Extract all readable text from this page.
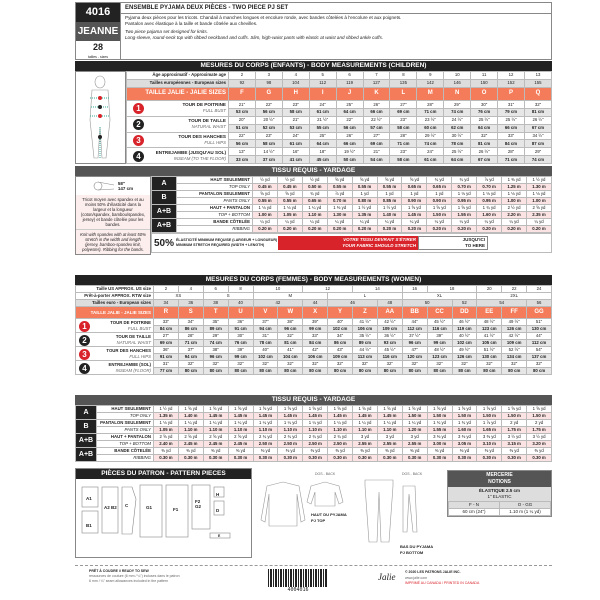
4016
JEANNE
28
tailles - sizes
ENSEMBLE PYJAMA DEUX PIÈCES - TWO PIECE PJ SET
Pyjama deux pièces pour les tricots. Chandail à manches longues et encolure ronde, avec bandes côtelées à l'encolure et aux poignets.
Pantalon avec élastique à la taille et bande côtelée aux chevilles.
Two piece pajama set designed for knits.
Long-sleeve, round-neck top with ribbed neckband and cuffs. Slim, high-waist pants with elastic at waist and ribbed ankle cuffs.
MESURES DU CORPS (ENFANTS) - BODY MEASUREMENTS (CHILDREN)
Âge approximatif - Approximate age	2	3	4	5	6	7	8	9	10	11	12	13
Tailles européennes - European sizes	92	98	104	112	119	127	135	142	146	150	152	155
TAILLE JALIE - JALIE SIZES	F	G	H	I	J	K	L	M	N	O	P	Q

1 TOUR DE POITRINE
FULL BUST	21"	22"	23"	24"	25"	26"	27"	28"	29"	30"	31"	32"
	53 cm	56 cm	58 cm	61 cm	64 cm	66 cm	69 cm	71 cm	74 cm	76 cm	79 cm	81 cm

2 TOUR DE TAILLE
NATURAL WAIST	20"	20 ½"	21"	21 ½"	22"	22 ½"	23"	23 ½"	24 ½"	25 ½"	25 ½"	26 ½"
	51 cm	52 cm	53 cm	55 cm	56 cm	57 cm	58 cm	60 cm	62 cm	64 cm	66 cm	67 cm

3 TOUR DES HANCHES
FULL HIPS	22"	23"	24"	25"	26"	27"	28"	29 ½"	30 ½"	32"	33"	34 ½"
	56 cm	58 cm	61 cm	64 cm	66 cm	69 cm	71 cm	74 cm	78 cm	81 cm	84 cm	87 cm

4 ENTREJAMBE (JUSQU'AU SOL)
INSEAM (TO THE FLOOR)	13"	14 ½"	16"	18"	19 ½"	21"	23"	24"	25 ½"	26 ½"	28"	29"
	33 cm	37 cm	41 cm	45 cm	50 cm	54 cm	58 cm	61 cm	64 cm	67 cm	71 cm	74 cm
TISSU REQUIS - YARDAGE
58"
147 cm
Tricot moyen avec spandex et au moins 50% d'élasticité dans la largeur et la longueur (coton/spandex, bambou/spandex, jersey) et bande côtelée pour les bandes.
Knit with spandex with at least 50% stretch in the width and length (jersey, bamboo-spandex knit, polyester). Ribbing for the bands.
A	HAUT SEULEMENT	½ yd	½ yd	½ yd	⅝ yd	⅝ yd	⅝ yd	⅝ yd	¾ yd	¾ yd	⅞ yd	1 ⅜ yd	1 ½ yd
	TOP ONLY	0.45 m	0.45 m	0.50 m	0.55 m	0.55 m	0.55 m	0.65 m	0.65 m	0.70 m	0.70 m	1.25 m	1.30 m
B	PANTALON SEULEMENT	⅝ yd	⅝ yd	¾ yd	⅞ yd	1 yd	1 yd	1 yd	1 yd	1 ⅛ yd	1 ⅛ yd	1 ⅛ yd	1 ⅛ yd
	PANTS ONLY	0.55 m	0.55 m	0.65 m	0.70 m	0.80 m	0.85 m	0.90 m	0.90 m	0.95 m	0.95 m	1.00 m	1.00 m
A+B	HAUT + PANTALON	1 ⅛ yd	1 ⅛ yd	1 ¼ yd	1 ⅜ yd	1 ½ yd	1 ½ yd	1 ⅝ yd	1 ⅝ yd	1 ⅝ yd	1 ¾ yd	2 ½ yd	2 ⅝ yd
	TOP + BOTTOM	1.00 m	1.05 m	1.10 m	1.30 m	1.35 m	1.40 m	1.45 m	1.50 m	1.55 m	1.60 m	2.20 m	2.35 m
A+B	BANDE CÔTELÉE	¼ yd	¼ yd	¼ yd	¼ yd	¼ yd	¼ yd	¼ yd	¼ yd	¼ yd	¼ yd	¼ yd	¼ yd
	RIBBING	0.20 m	0.20 m	0.20 m	0.20 m	0.20 m	0.20 m	0.20 m	0.20 m	0.20 m	0.20 m	0.20 m	0.20 m
50% ÉLASTICITÉ MINIMUM REQUISE (LARGEUR + LONGUEUR)
MINIMUM STRETCH REQUIRED (WIDTH + LENGTH)
VOTRE TISSU DEVRAIT S'ÉTIRER
YOUR FABRIC SHOULD STRETCH
JUSQU'ICI
TO HERE
MESURES DU CORPS (FEMMES) - BODY MEASUREMENTS (WOMEN)
Taille US APPROX. US size	2	4	6	8	10		12		14		16	18		20	22	24
Prêt-à-porter APPROX. RTW size	XS		S		M			L			XL			2XL		
Tailles euro - European sizes	34	36	38	40	42		44	46		48	50		52	54		56
TAILLE JALIE - JALIE SIZES	R	S	T	U	V	W	X	Y	Z	AA	BB	CC	DD	EE	FF	GG

1 TOUR DE POITRINE
FULL BUST	33"	34"	35"	36"	37"	38"	39"	40"	41 ½"	42 ½"	44"	45 ½"	46 ½"	48 ½"	49 ½"	51"
	84 cm	86 cm	89 cm	91 cm	94 cm	96 cm	99 cm	102 cm	106 cm	109 cm	112 cm	116 cm	119 cm	123 cm	126 cm	130 cm

2 TOUR DE TAILLE
NATURAL WAIST	27"	28"	29"	30"	31"	32"	33"	34"	35 ½"	36 ½"	37 ½"	39"	40 ½"	41 ½"	42 ½"	44"
	69 cm	71 cm	74 cm	76 cm	78 cm	81 cm	84 cm	86 cm	89 cm	93 cm	96 cm	99 cm	102 cm	105 cm	109 cm	112 cm

3 TOUR DES HANCHES
FULL HIPS	36"	37"	38"	39"	40"	41"	42"	43"	44 ½"	45 ½"	47"	48 ½"	49 ½"	51 ½"	52 ½"	54"
	91 cm	94 cm	96 cm	99 cm	102 cm	104 cm	106 cm	109 cm	113 cm	116 cm	120 cm	123 cm	126 cm	130 cm	134 cm	137 cm

4 ENTREJAMBE (SOL)
INSEAM (FLOOR)	31"	32"	32"	32"	32"	32"	32"	32"	32"	32"	32"	32"	32"	32"	32"	32"
	77 cm	80 cm	80 cm	80 cm	80 cm	80 cm	80 cm	80 cm	80 cm	80 cm	80 cm	80 cm	80 cm	80 cm	80 cm	80 cm
TISSU REQUIS - YARDAGE
A	HAUT SEULEMENT	1 ½ yd	1 ⅝ yd	1 ⅝ yd	1 ⅝ yd	1 ⅝ yd	1 ⅝ yd	1 ⅝ yd	1 ⅝ yd	1 ⅝ yd	1 ⅝ yd	1 ⅝ yd	1 ⅝ yd	1 ⅝ yd	1 ⅝ yd	1 ⅝ yd	1 ⅝ yd
	TOP ONLY	1.35 m	1.40 m	1.45 m	1.45 m	1.45 m	1.45 m	1.45 m	1.45 m	1.45 m	1.45 m	1.50 m	1.50 m	1.50 m	1.50 m	1.50 m	1.50 m
B	PANTALON SEULEMENT	1 ⅛ yd	1 ¼ yd	1 ¼ yd	1 ¼ yd	1 ¼ yd	1 ¼ yd	1 ¼ yd	1 ¼ yd	1 ¼ yd	1 ¼ yd	1 ¼ yd	1 ¾ yd	1 ¾ yd	1 ⅞ yd	2 yd	2 yd
	PANTS ONLY	1.05 m	1.10 m	1.10 m	1.10 m	1.10 m	1.10 m	1.10 m	1.10 m	1.10 m	1.10 m	1.20 m	1.55 m	1.60 m	1.65 m	1.75 m	1.75 m
A+B	HAUT + PANTALON	2 ⅝ yd	2 ⅝ yd	2 ⅝ yd	2 ⅝ yd	2 ¾ yd	2 ¾ yd	2 ¾ yd	2 ¾ yd	3 yd	3 yd	3 yd	3 ⅜ yd	3 ⅜ yd	3 ⅜ yd	3 ½ yd	3 ½ yd
	TOP + BOTTOM	2.40 m	2.45 m	2.45 m	2.45 m	2.50 m	2.50 m	2.50 m	2.50 m	2.55 m	2.55 m	2.55 m	3.00 m	3.05 m	3.10 m	3.15 m	3.20 m
A+B	BANDE CÔTELÉE	⅜ yd	⅜ yd	⅜ yd	⅜ yd	⅜ yd	⅜ yd	⅜ yd	⅜ yd	⅜ yd	⅜ yd	⅜ yd	⅜ yd	⅜ yd	⅜ yd	⅜ yd	⅜ yd
	RIBBING	0.30 m	0.30 m	0.30 m	0.30 m	0.30 m	0.30 m	0.30 m	0.30 m	0.30 m	0.30 m	0.30 m	0.30 m	0.30 m	0.30 m	0.30 m	0.30 m
PIÈCES DU PATRON - PATTERN PIECES
A1
A2 B2
B1
C	G1	F1
F2 G2
H
D
E
DOS - BACK	DOS - BACK
HAUT DU PYJAMA
PJ TOP
BAS DU PYJAMA
PJ BOTTOM
MERCERIE
NOTIONS
ÉLASTIQUE 2.5 cm
1" ELASTIC
F - N	O - GG
60 cm (24")	1.10 m (1 ¼ yd)
PRÊT À COUDRE // READY TO SEW
ressources de couture (6 mm / ¼") incluses dans le patron
6 mm / ¼" seam allowances included in the pattern
4004016
Jalie	© 2020 LES PATRONS JALIE INC.
www.jalie.com
IMPRIMÉ AU CANADA / PRINTED IN CANADA
